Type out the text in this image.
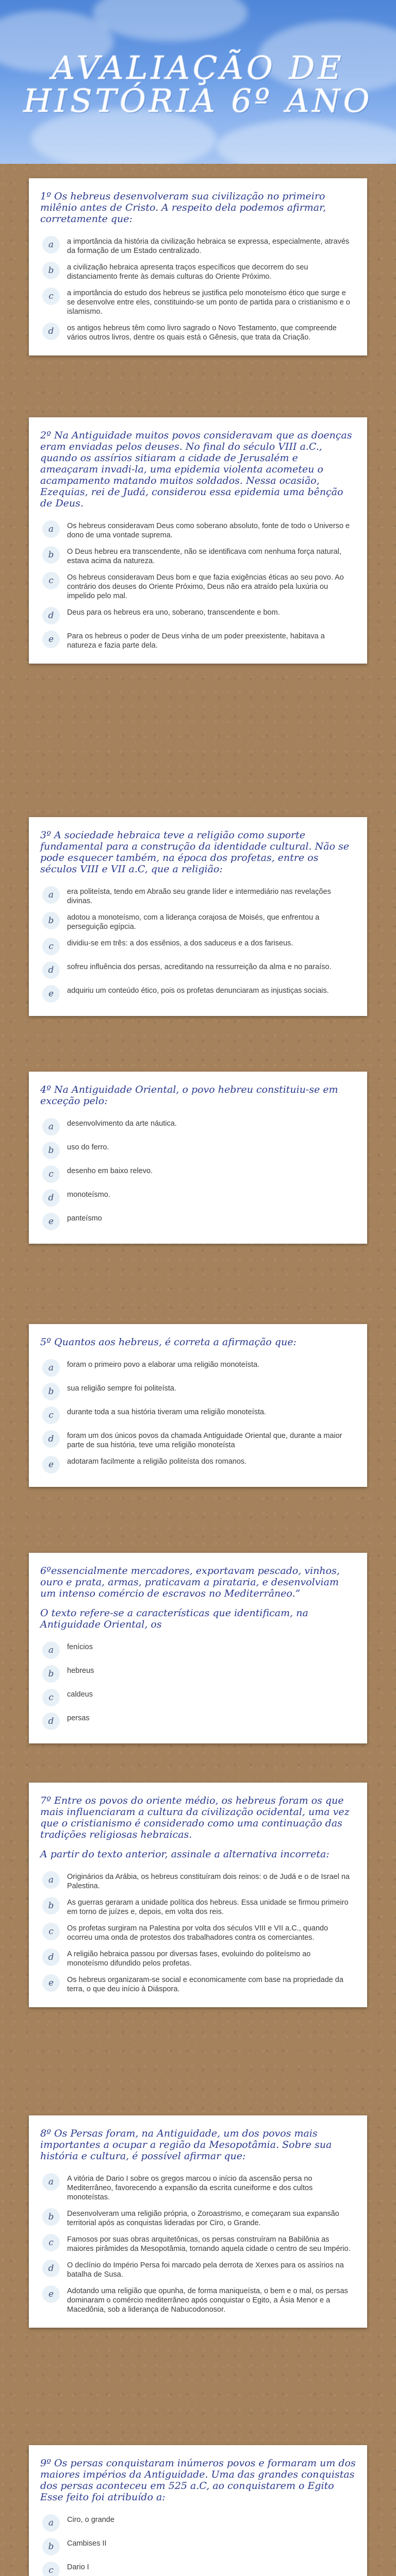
AVALIAÇÃO DE HISTÓRIA 6º ANO

1º Os hebreus desenvolveram sua civilização no primeiro milênio antes de Cristo. A respeito dela podemos afirmar, corretamente que:

a	a importância da história da civilização hebraica se expressa, especialmente, através da formação de um Estado centralizado.
b	a civilização hebraica apresenta traços específicos que decorrem do seu distanciamento frente às demais culturas do Oriente Próximo.
c	a importância do estudo dos hebreus se justifica pelo monoteísmo ético que surge e se desenvolve entre eles, constituindo-se um ponto de partida para o cristianismo e o islamismo.
d	os antigos hebreus têm como livro sagrado o Novo Testamento, que compreende vários outros livros, dentre os quais está o Gênesis, que trata da Criação.

2º Na Antiguidade muitos povos consideravam que as doenças eram enviadas pelos deuses. No final do século VIII a.C., quando os assírios sitiaram a cidade de Jerusalém e ameaçaram invadi-la, uma epidemia violenta acometeu o acampamento matando muitos soldados. Nessa ocasião, Ezequias, rei de Judá, considerou essa epidemia uma bênção de Deus.

a	Os hebreus consideravam Deus como soberano absoluto, fonte de todo o Universo e dono de uma vontade suprema.
b	O Deus hebreu era transcendente, não se identificava com nenhuma força natural, estava acima da natureza.
c	Os hebreus consideravam Deus bom e que fazia exigências éticas ao seu povo. Ao contrário dos deuses do Oriente Próximo, Deus não era atraído pela luxúria ou impelido pelo mal.
d	Deus para os hebreus era uno, soberano, transcendente e bom.
e	Para os hebreus o poder de Deus vinha de um poder preexistente, habitava a natureza e fazia parte dela.

3º A sociedade hebraica teve a religião como suporte fundamental para a construção da identidade cultural. Não se pode esquecer também, na época dos profetas, entre os séculos VIII e VII a.C, que a religião:

a	era politeísta, tendo em Abraão seu grande líder e intermediário nas revelações divinas.
b	adotou a monoteísmo, com a liderança corajosa de Moisés, que enfrentou a perseguição egípcia.
c	dividiu-se em três: a dos essênios, a dos saduceus e a dos fariseus.
d	sofreu influência dos persas, acreditando na ressurreição da alma e no paraíso.
e	adquiriu um conteúdo ético, pois os profetas denunciaram as injustiças sociais.

4º Na Antiguidade Oriental, o povo hebreu constituiu-se em exceção pelo:

a	desenvolvimento da arte náutica.
b	uso do ferro.
c	desenho em baixo relevo.
d	monoteísmo.
e	panteísmo

5º Quantos aos hebreus, é correta a afirmação que:

a	foram o primeiro povo a elaborar uma religião monoteísta.
b	sua religião sempre foi politeísta.
c	durante toda a sua história tiveram uma religião monoteísta.
d	foram um dos únicos povos da chamada Antiguidade Oriental que, durante a maior parte de sua história, teve uma religião monoteísta
e	adotaram facilmente a religião politeísta dos romanos.

6ºessencialmente mercadores, exportavam pescado, vinhos, ouro e prata, armas, praticavam a pirataria, e desenvolviam um intenso comércio de escravos no Mediterrâneo.”

O texto refere-se a características que identificam, na Antiguidade Oriental, os

a	fenícios
b	hebreus
c	caldeus
d	persas

7º Entre os povos do oriente médio, os hebreus foram os que mais influenciaram a cultura da civilização ocidental, uma vez que o cristianismo é considerado como uma continuação das tradições religiosas hebraicas.

A partir do texto anterior, assinale a alternativa incorreta:

a	Originários da Arábia, os hebreus constituíram dois reinos: o de Judá e o de Israel na Palestina.
b	As guerras geraram a unidade política dos hebreus. Essa unidade se firmou primeiro em torno de juízes e, depois, em volta dos reis.
c	Os profetas surgiram na Palestina por volta dos séculos VIII e VII a.C., quando ocorreu uma onda de protestos dos trabalhadores contra os comerciantes.
d	A religião hebraica passou por diversas fases, evoluindo do politeísmo ao monoteísmo difundido pelos profetas.
e	Os hebreus organizaram-se social e economicamente com base na propriedade da terra, o que deu início à Diáspora.

8º Os Persas foram, na Antiguidade, um dos povos mais importantes a ocupar a região da Mesopotâmia. Sobre sua história e cultura, é possível afirmar que:

a	A vitória de Dario I sobre os gregos marcou o início da ascensão persa no Mediterrâneo, favorecendo a expansão da escrita cuneiforme e dos cultos monoteístas.
b	Desenvolveram uma religião própria, o Zoroastrismo, e começaram sua expansão territorial após as conquistas lideradas por Ciro, o Grande.
c	Famosos por suas obras arquitetônicas, os persas construíram na Babilônia as maiores pirâmides da Mesopotâmia, tornando aquela cidade o centro de seu Império.
d	O declínio do Império Persa foi marcado pela derrota de Xerxes para os assírios na batalha de Susa.
e	Adotando uma religião que opunha, de forma maniqueísta, o bem e o mal, os persas dominaram o comércio mediterrâneo após conquistar o Egito, a Ásia Menor e a Macedônia, sob a liderança de Nabucodonosor.

9º Os persas conquistaram inúmeros povos e formaram um dos maiores impérios da Antiguidade. Uma das grandes conquistas dos persas aconteceu em 525 a.C, ao conquistarem o Egito Esse feito foi atribuído a:

a	Ciro, o grande
b	Cambises II
c	Dario I
